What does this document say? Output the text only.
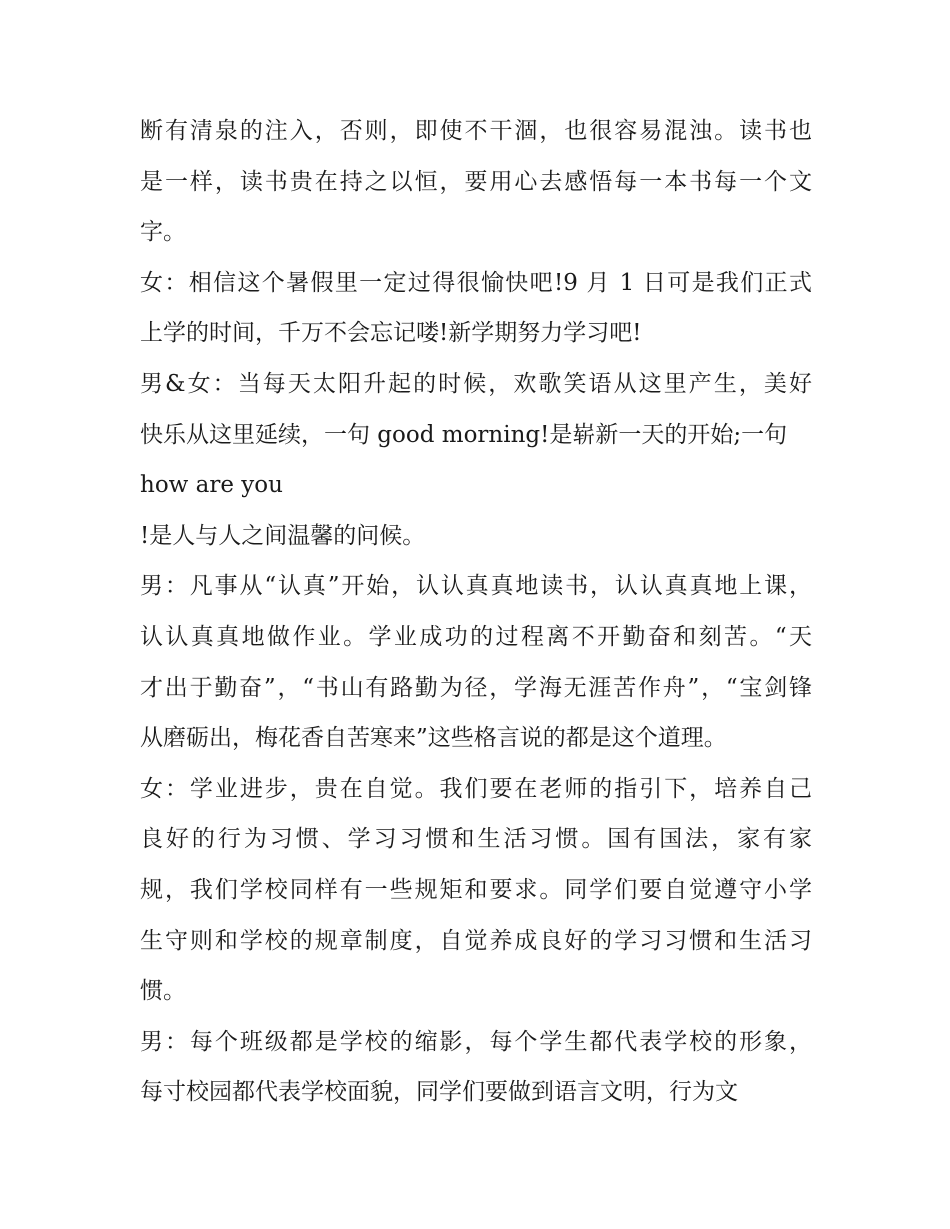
断有清泉的注入，否则，即使不干涸，也很容易混浊。读书也
是一样，读书贵在持之以恒，要用心去感悟每一本书每一个文
字。
女：相信这个暑假里一定过得很愉快吧!9 月 1 日可是我们正式
上学的时间，千万不会忘记喽!新学期努力学习吧!
男&女：当每天太阳升起的时候，欢歌笑语从这里产生，美好
快乐从这里延续，一句 good morning!是崭新一天的开始;一句
how are you
!是人与人之间温馨的问候。
男：凡事从“认真”开始，认认真真地读书，认认真真地上课，
认认真真地做作业。学业成功的过程离不开勤奋和刻苦。“天
才出于勤奋”，“书山有路勤为径，学海无涯苦作舟”，“宝剑锋
从磨砺出，梅花香自苦寒来”这些格言说的都是这个道理。
女：学业进步，贵在自觉。我们要在老师的指引下，培养自己
良好的行为习惯、学习习惯和生活习惯。国有国法，家有家
规，我们学校同样有一些规矩和要求。同学们要自觉遵守小学
生守则和学校的规章制度，自觉养成良好的学习习惯和生活习
惯。
男：每个班级都是学校的缩影，每个学生都代表学校的形象，
每寸校园都代表学校面貌，同学们要做到语言文明，行为文
